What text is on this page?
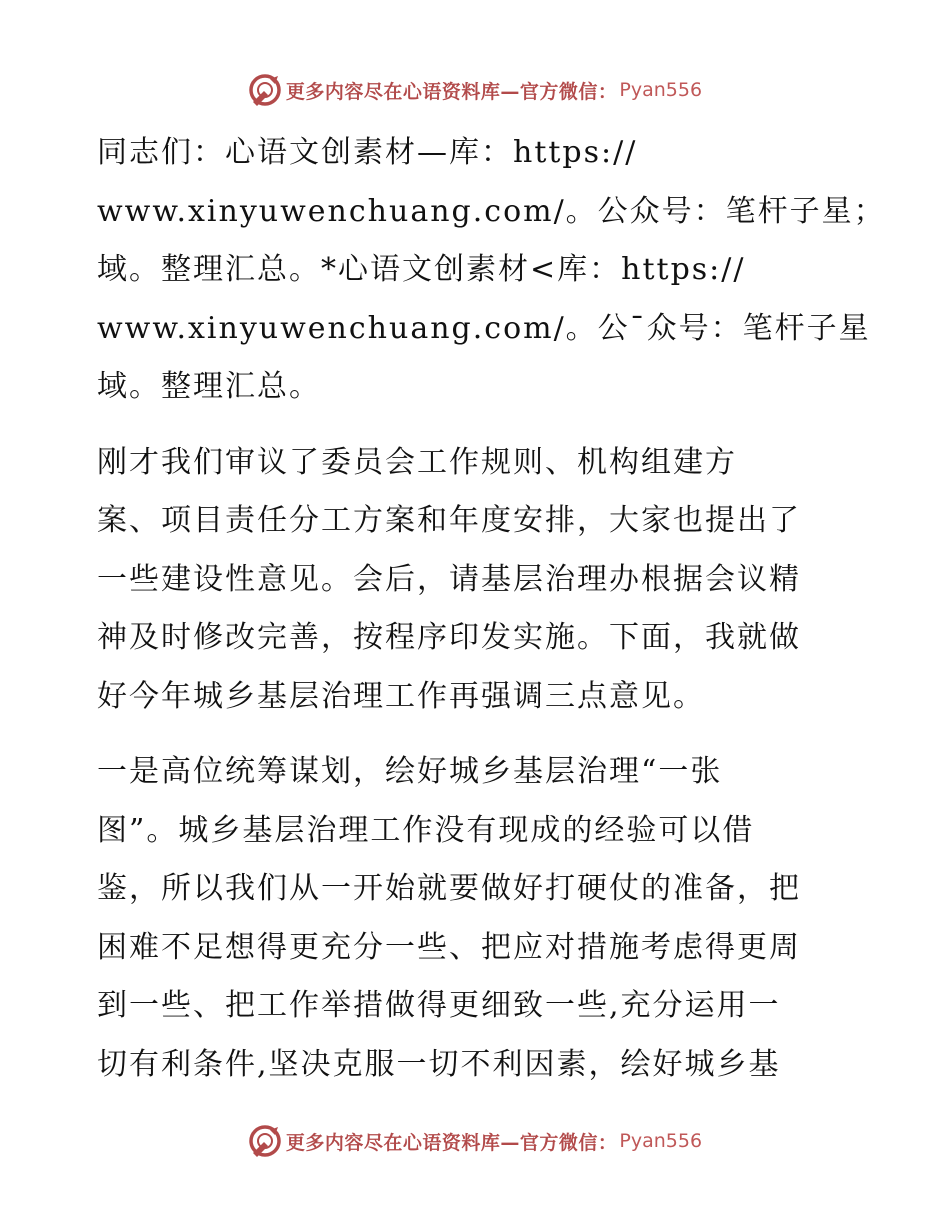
更多内容尽在心语资料库—官方微信： Pyan556
同志们：心语文创素材—库：https://
www.xinyuwenchuang.com/。公众号：笔杆子星；
域。整理汇总。*心语文创素材<库：https://
www.xinyuwenchuang.com/。公¯众号：笔杆子星
域。整理汇总。
刚才我们审议了委员会工作规则、机构组建方
案、项目责任分工方案和年度安排，大家也提出了
一些建设性意见。会后，请基层治理办根据会议精
神及时修改完善，按程序印发实施。下面，我就做
好今年城乡基层治理工作再强调三点意见。
一是高位统筹谋划，绘好城乡基层治理“一张
图”。城乡基层治理工作没有现成的经验可以借
鉴，所以我们从一开始就要做好打硬仗的准备，把
困难不足想得更充分一些、把应对措施考虑得更周
到一些、把工作举措做得更细致一些,充分运用一
切有利条件,坚决克服一切不利因素，绘好城乡基
更多内容尽在心语资料库—官方微信： Pyan556
